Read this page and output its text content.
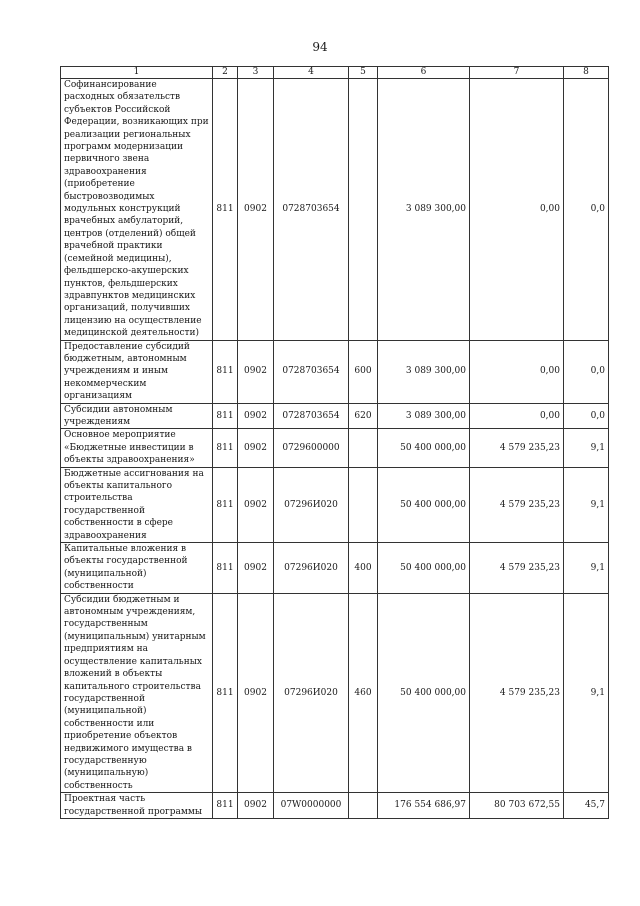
94
1	2	3	4	5	6	7	8
Софинансирование расходных обязательств субъектов Российской Федерации, возникающих при реализации региональных программ модернизации первичного звена здравоохранения (приобретение быстровозводимых модульных конструкций врачебных амбулаторий, центров (отделений) общей врачебной практики (семейной медицины), фельдшерско-акушерских пунктов, фельдшерских здравпунктов медицинских организаций, получивших лицензию на осуществление медицинской деятельности)	811	0902	0728703654		3 089 300,00	0,00	0,0
Предоставление субсидий бюджетным, автономным учреждениям и иным некоммерческим организациям	811	0902	0728703654	600	3 089 300,00	0,00	0,0
Субсидии автономным учреждениям	811	0902	0728703654	620	3 089 300,00	0,00	0,0
Основное мероприятие «Бюджетные инвестиции в объекты здравоохранения»	811	0902	0729600000		50 400 000,00	4 579 235,23	9,1
Бюджетные ассигнования на объекты капитального строительства государственной собственности в сфере здравоохранения	811	0902	07296И020		50 400 000,00	4 579 235,23	9,1
Капитальные вложения в объекты государственной (муниципальной) собственности	811	0902	07296И020	400	50 400 000,00	4 579 235,23	9,1
Субсидии бюджетным и автономным учреждениям, государственным (муниципальным) унитарным предприятиям на осуществление капитальных вложений в объекты капитального строительства государственной (муниципальной) собственности или приобретение объектов недвижимого имущества в государственную (муниципальную) собственность	811	0902	07296И020	460	50 400 000,00	4 579 235,23	9,1
Проектная часть государственной программы	811	0902	07W0000000		176 554 686,97	80 703 672,55	45,7
